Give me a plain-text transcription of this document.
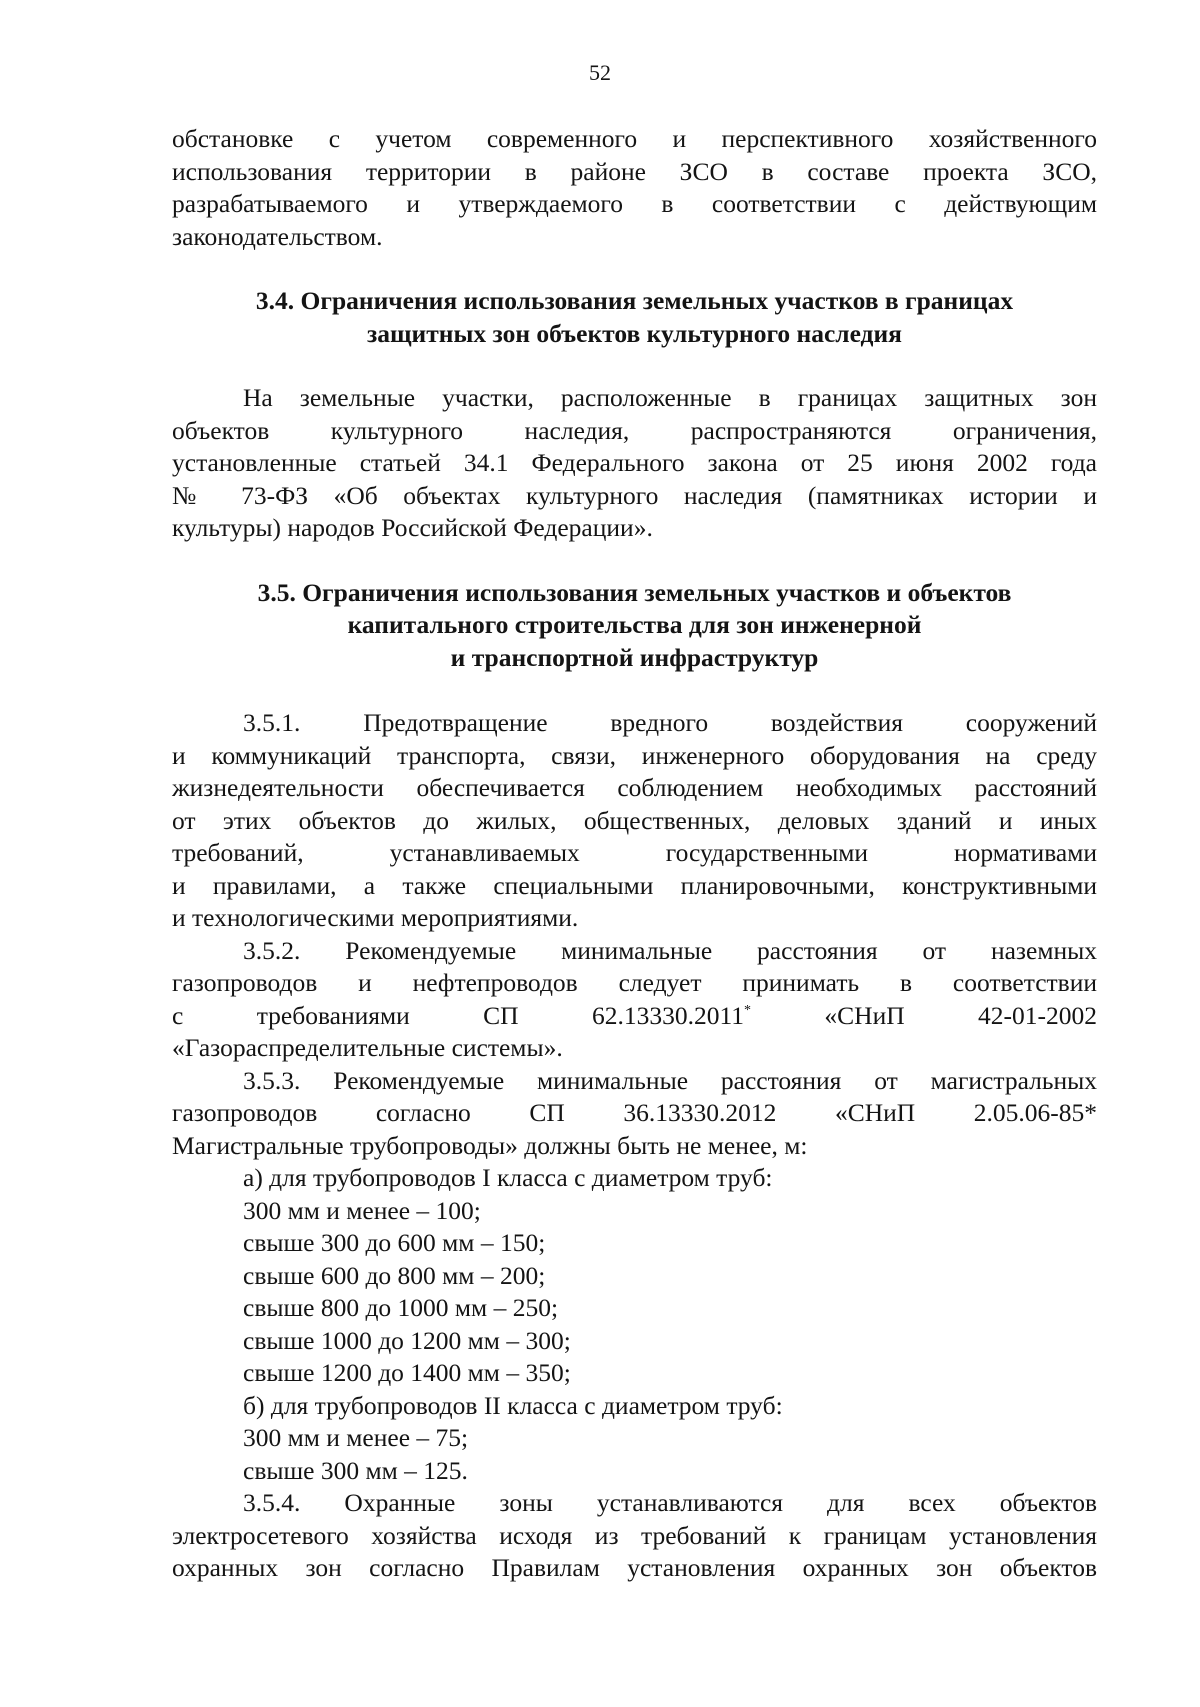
52

обстановке с учетом современного и перспективного хозяйственного

использования территории в районе ЗСО в составе проекта ЗСО,

разрабатываемого и утверждаемого в соответствии с действующим

законодательством.

3.4. Ограничения использования земельных участков в границах
защитных зон объектов культурного наследия

На земельные участки, расположенные в границах защитных зон

объектов культурного наследия, распространяются ограничения,

установленные статьей 34.1 Федерального закона от 25 июня 2002 года

№ 73-ФЗ «Об объектах культурного наследия (памятниках истории и

культуры) народов Российской Федерации».

3.5. Ограничения использования земельных участков и объектов
капитального строительства для зон инженерной
и транспортной инфраструктур

3.5.1. Предотвращение вредного воздействия сооружений

и коммуникаций транспорта, связи, инженерного оборудования на среду

жизнедеятельности обеспечивается соблюдением необходимых расстояний

от этих объектов до жилых, общественных, деловых зданий и иных

требований, устанавливаемых государственными нормативами

и правилами, а также специальными планировочными, конструктивными

и технологическими мероприятиями.

3.5.2. Рекомендуемые минимальные расстояния от наземных

газопроводов и нефтепроводов следует принимать в соответствии

с требованиями СП 62.13330.2011* «СНиП 42-01-2002

«Газораспределительные системы».

3.5.3. Рекомендуемые минимальные расстояния от магистральных

газопроводов согласно СП 36.13330.2012 «СНиП 2.05.06-85*

Магистральные трубопроводы» должны быть не менее, м:

а) для трубопроводов I класса с диаметром труб:

300 мм и менее – 100;

свыше 300 до 600 мм – 150;

свыше 600 до 800 мм – 200;

свыше 800 до 1000 мм – 250;

свыше 1000 до 1200 мм – 300;

свыше 1200 до 1400 мм – 350;

б) для трубопроводов II класса с диаметром труб:

300 мм и менее – 75;

свыше 300 мм – 125.

3.5.4. Охранные зоны устанавливаются для всех объектов

электросетевого хозяйства исходя из требований к границам установления

охранных зон согласно Правилам установления охранных зон объектов
